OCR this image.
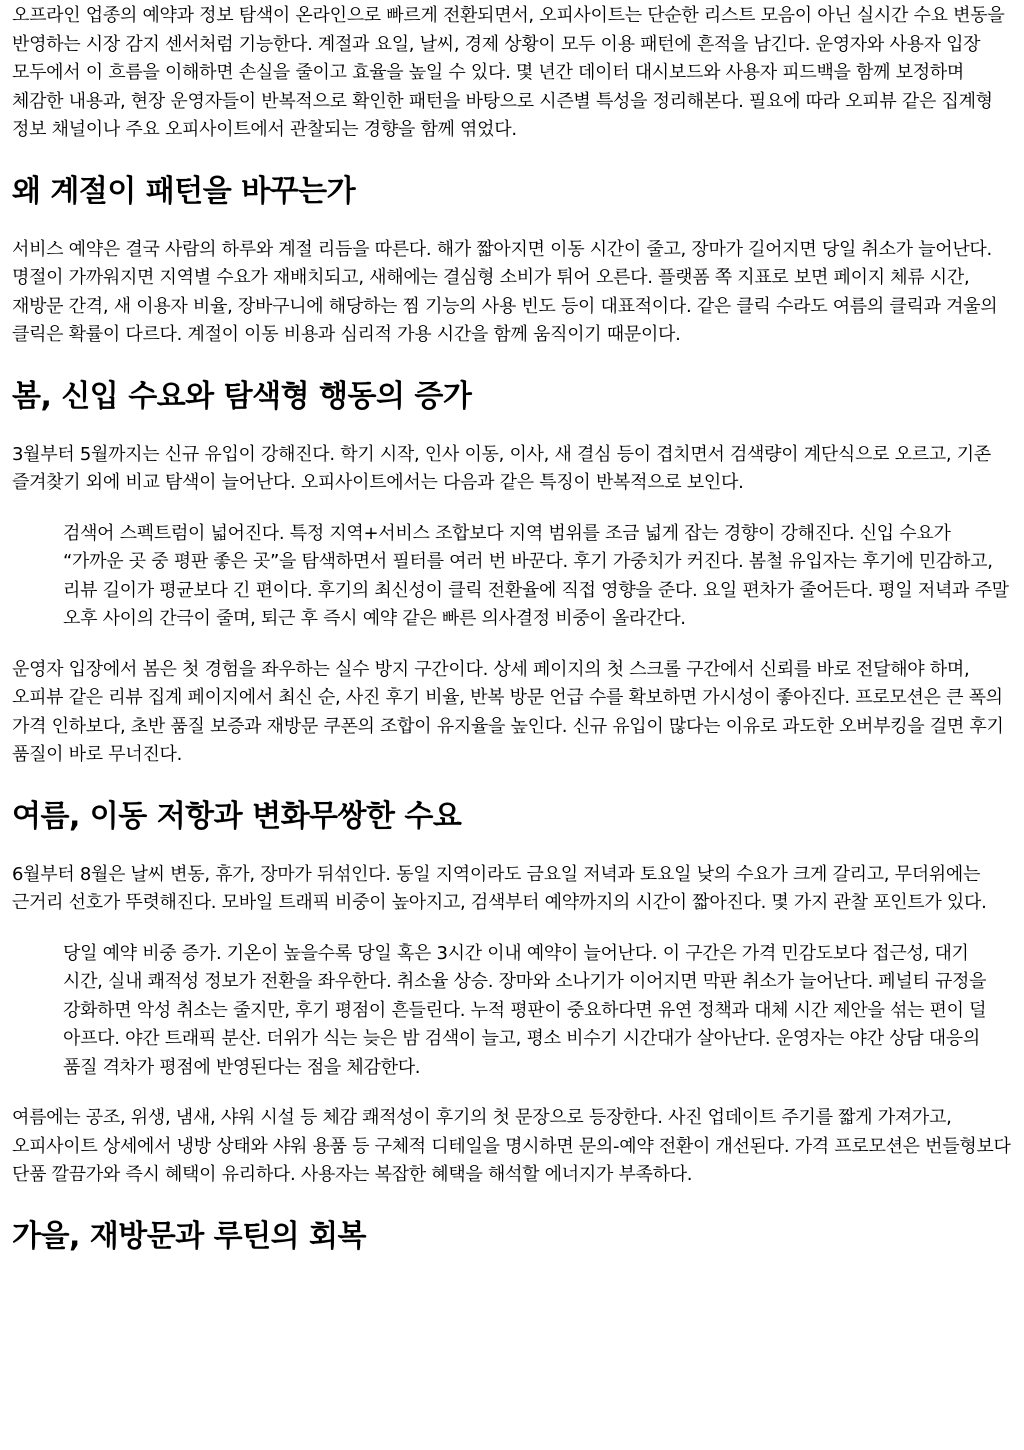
오프라인 업종의 예약과 정보 탐색이 온라인으로 빠르게 전환되면서, 오피사이트는 단순한 리스트 모음이 아닌 실시간 수요 변동을 반영하는 시장 감지 센서처럼 기능한다. 계절과 요일, 날씨, 경제 상황이 모두 이용 패턴에 흔적을 남긴다. 운영자와 사용자 입장 모두에서 이 흐름을 이해하면 손실을 줄이고 효율을 높일 수 있다. 몇 년간 데이터 대시보드와 사용자 피드백을 함께 보정하며 체감한 내용과, 현장 운영자들이 반복적으로 확인한 패턴을 바탕으로 시즌별 특성을 정리해본다. 필요에 따라 오피뷰 같은 집계형 정보 채널이나 주요 오피사이트에서 관찰되는 경향을 함께 엮었다.

왜 계절이 패턴을 바꾸는가

서비스 예약은 결국 사람의 하루와 계절 리듬을 따른다. 해가 짧아지면 이동 시간이 줄고, 장마가 길어지면 당일 취소가 늘어난다. 명절이 가까워지면 지역별 수요가 재배치되고, 새해에는 결심형 소비가 튀어 오른다. 플랫폼 쪽 지표로 보면 페이지 체류 시간, 재방문 간격, 새 이용자 비율, 장바구니에 해당하는 찜 기능의 사용 빈도 등이 대표적이다. 같은 클릭 수라도 여름의 클릭과 겨울의 클릭은 확률이 다르다. 계절이 이동 비용과 심리적 가용 시간을 함께 움직이기 때문이다.

봄, 신입 수요와 탐색형 행동의 증가

3월부터 5월까지는 신규 유입이 강해진다. 학기 시작, 인사 이동, 이사, 새 결심 등이 겹치면서 검색량이 계단식으로 오르고, 기존 즐겨찾기 외에 비교 탐색이 늘어난다. 오피사이트에서는 다음과 같은 특징이 반복적으로 보인다.

검색어 스펙트럼이 넓어진다. 특정 지역+서비스 조합보다 지역 범위를 조금 넓게 잡는 경향이 강해진다. 신입 수요가 “가까운 곳 중 평판 좋은 곳”을 탐색하면서 필터를 여러 번 바꾼다. 후기 가중치가 커진다. 봄철 유입자는 후기에 민감하고, 리뷰 길이가 평균보다 긴 편이다. 후기의 최신성이 클릭 전환율에 직접 영향을 준다. 요일 편차가 줄어든다. 평일 저녁과 주말 오후 사이의 간극이 줄며, 퇴근 후 즉시 예약 같은 빠른 의사결정 비중이 올라간다.

운영자 입장에서 봄은 첫 경험을 좌우하는 실수 방지 구간이다. 상세 페이지의 첫 스크롤 구간에서 신뢰를 바로 전달해야 하며, 오피뷰 같은 리뷰 집계 페이지에서 최신 순, 사진 후기 비율, 반복 방문 언급 수를 확보하면 가시성이 좋아진다. 프로모션은 큰 폭의 가격 인하보다, 초반 품질 보증과 재방문 쿠폰의 조합이 유지율을 높인다. 신규 유입이 많다는 이유로 과도한 오버부킹을 걸면 후기 품질이 바로 무너진다.

여름, 이동 저항과 변화무쌍한 수요

6월부터 8월은 날씨 변동, 휴가, 장마가 뒤섞인다. 동일 지역이라도 금요일 저녁과 토요일 낮의 수요가 크게 갈리고, 무더위에는 근거리 선호가 뚜렷해진다. 모바일 트래픽 비중이 높아지고, 검색부터 예약까지의 시간이 짧아진다. 몇 가지 관찰 포인트가 있다.

당일 예약 비중 증가. 기온이 높을수록 당일 혹은 3시간 이내 예약이 늘어난다. 이 구간은 가격 민감도보다 접근성, 대기 시간, 실내 쾌적성 정보가 전환을 좌우한다. 취소율 상승. 장마와 소나기가 이어지면 막판 취소가 늘어난다. 페널티 규정을 강화하면 악성 취소는 줄지만, 후기 평점이 흔들린다. 누적 평판이 중요하다면 유연 정책과 대체 시간 제안을 섞는 편이 덜 아프다. 야간 트래픽 분산. 더위가 식는 늦은 밤 검색이 늘고, 평소 비수기 시간대가 살아난다. 운영자는 야간 상담 대응의 품질 격차가 평점에 반영된다는 점을 체감한다.

여름에는 공조, 위생, 냄새, 샤워 시설 등 체감 쾌적성이 후기의 첫 문장으로 등장한다. 사진 업데이트 주기를 짧게 가져가고, 오피사이트 상세에서 냉방 상태와 샤워 용품 등 구체적 디테일을 명시하면 문의-예약 전환이 개선된다. 가격 프로모션은 번들형보다 단품 깔끔가와 즉시 혜택이 유리하다. 사용자는 복잡한 혜택을 해석할 에너지가 부족하다.

가을, 재방문과 루틴의 회복
